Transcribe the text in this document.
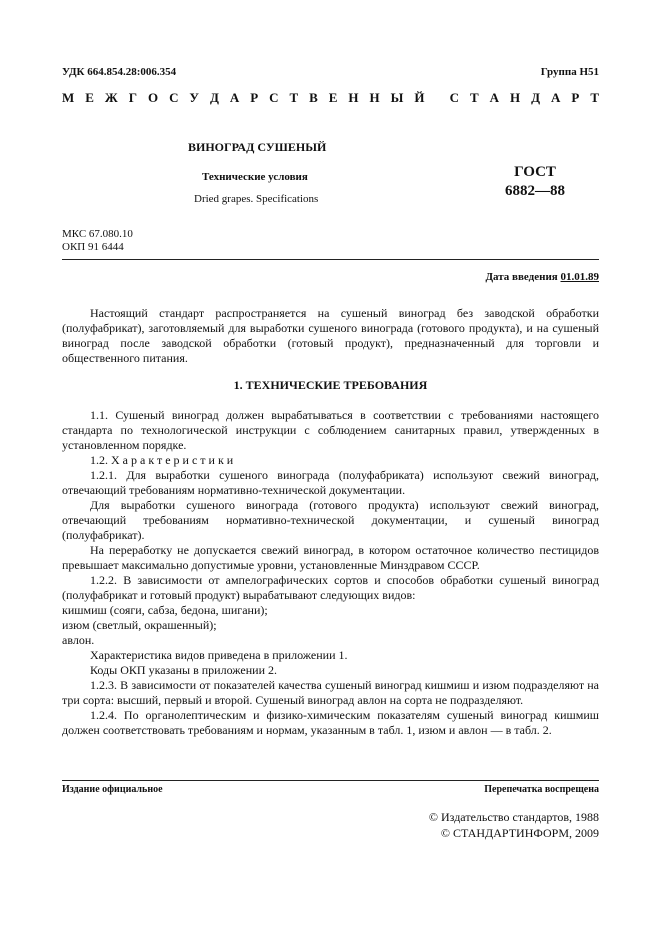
УДК 664.854.28:006.354	Группа Н51
М Е Ж Г О С У Д А Р С Т В Е Н Н Ы Й
С Т А Н Д А Р Т
ВИНОГРАД СУШЕНЫЙ
Технические условия
Dried grapes. Specifications
ГОСТ
6882—88
МКС 67.080.10
ОКП 91 6444
Дата введения 01.01.89
Настоящий стандарт распространяется на сушеный виноград без заводской обработки (полуфабрикат), заготовляемый для выработки сушеного винограда (готового продукта), и на сушеный виноград после заводской обработки (готовый продукт), предназначенный для торговли и общественного питания.
1. ТЕХНИЧЕСКИЕ ТРЕБОВАНИЯ
1.1. Сушеный виноград должен вырабатываться в соответствии с требованиями настоящего стандарта по технологической инструкции с соблюдением санитарных правил, утвержденных в установленном порядке.
1.2. Характеристики
1.2.1. Для выработки сушеного винограда (полуфабриката) используют свежий виноград, отвечающий требованиям нормативно-технической документации.
Для выработки сушеного винограда (готового продукта) используют свежий виноград, отвечающий требованиям нормативно-технической документации, и сушеный виноград (полуфабрикат).
На переработку не допускается свежий виноград, в котором остаточное количество пестицидов превышает максимально допустимые уровни, установленные Минздравом СССР.
1.2.2. В зависимости от ампелографических сортов и способов обработки сушеный виноград (полуфабрикат и готовый продукт) вырабатывают следующих видов:
кишмиш (сояги, сабза, бедона, шигани);
изюм (светлый, окрашенный);
авлон.
Характеристика видов приведена в приложении 1.
Коды ОКП указаны в приложении 2.
1.2.3. В зависимости от показателей качества сушеный виноград кишмиш и изюм подразделяют на три сорта: высший, первый и второй. Сушеный виноград авлон на сорта не подразделяют.
1.2.4. По органолептическим и физико-химическим показателям сушеный виноград кишмиш должен соответствовать требованиям и нормам, указанным в табл. 1, изюм и авлон — в табл. 2.
Издание официальное	Перепечатка воспрещена
© Издательство стандартов, 1988
© СТАНДАРТИНФОРМ, 2009
